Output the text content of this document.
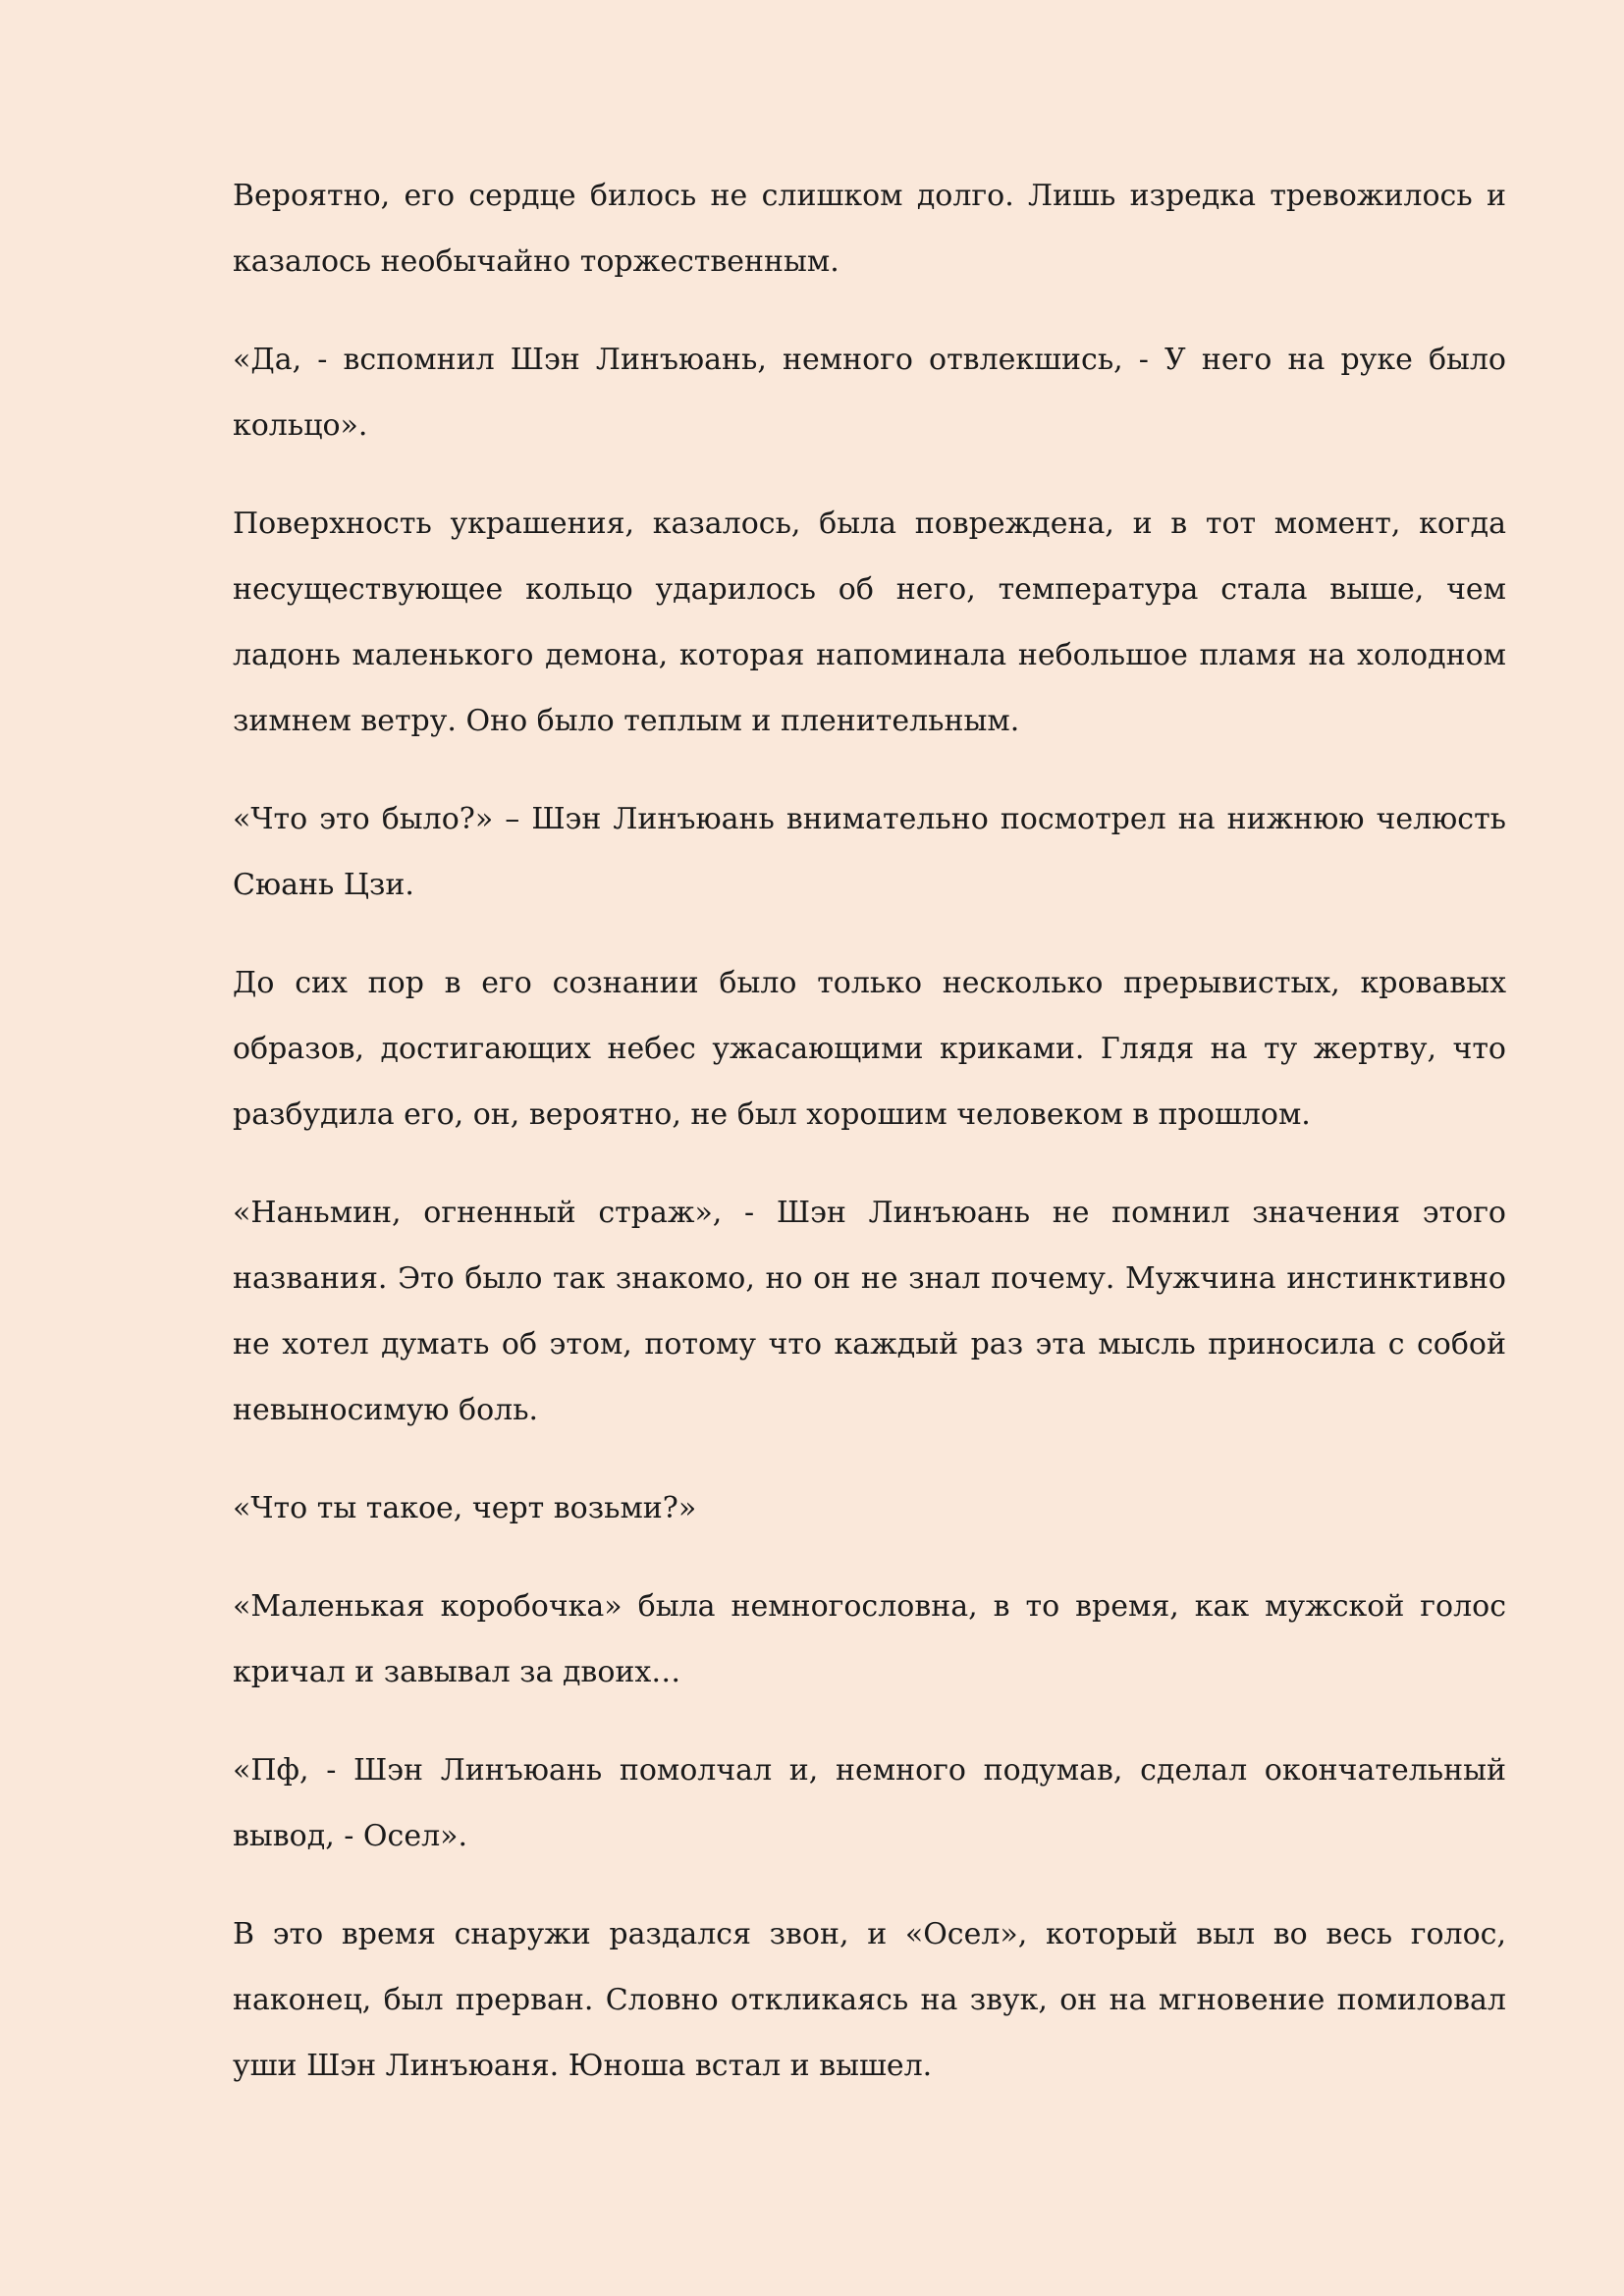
Вероятно, его сердце билось не слишком долго. Лишь изредка тревожилось и казалось необычайно торжественным.

«Да, - вспомнил Шэн Линъюань, немного отвлекшись, - У него на руке было кольцо».

Поверхность украшения, казалось, была повреждена, и в тот момент, когда несуществующее кольцо ударилось об него, температура стала выше, чем ладонь маленького демона, которая напоминала небольшое пламя на холодном зимнем ветру. Оно было теплым и пленительным.

«Что это было?» – Шэн Линъюань внимательно посмотрел на нижнюю челюсть Сюань Цзи.

До сих пор в его сознании было только несколько прерывистых, кровавых образов, достигающих небес ужасающими криками. Глядя на ту жертву, что разбудила его, он, вероятно, не был хорошим человеком в прошлом.

«Наньмин, огненный страж», - Шэн Линъюань не помнил значения этого названия. Это было так знакомо, но он не знал почему. Мужчина инстинктивно не хотел думать об этом, потому что каждый раз эта мысль приносила с собой невыносимую боль.

«Что ты такое, черт возьми?»

«Маленькая коробочка» была немногословна, в то время, как мужской голос кричал и завывал за двоих…

«Пф, - Шэн Линъюань помолчал и, немного подумав, сделал окончательный вывод, - Осел».

В это время снаружи раздался звон, и «Осел», который выл во весь голос, наконец, был прерван. Словно откликаясь на звук, он на мгновение помиловал уши Шэн Линъюаня. Юноша встал и вышел.
